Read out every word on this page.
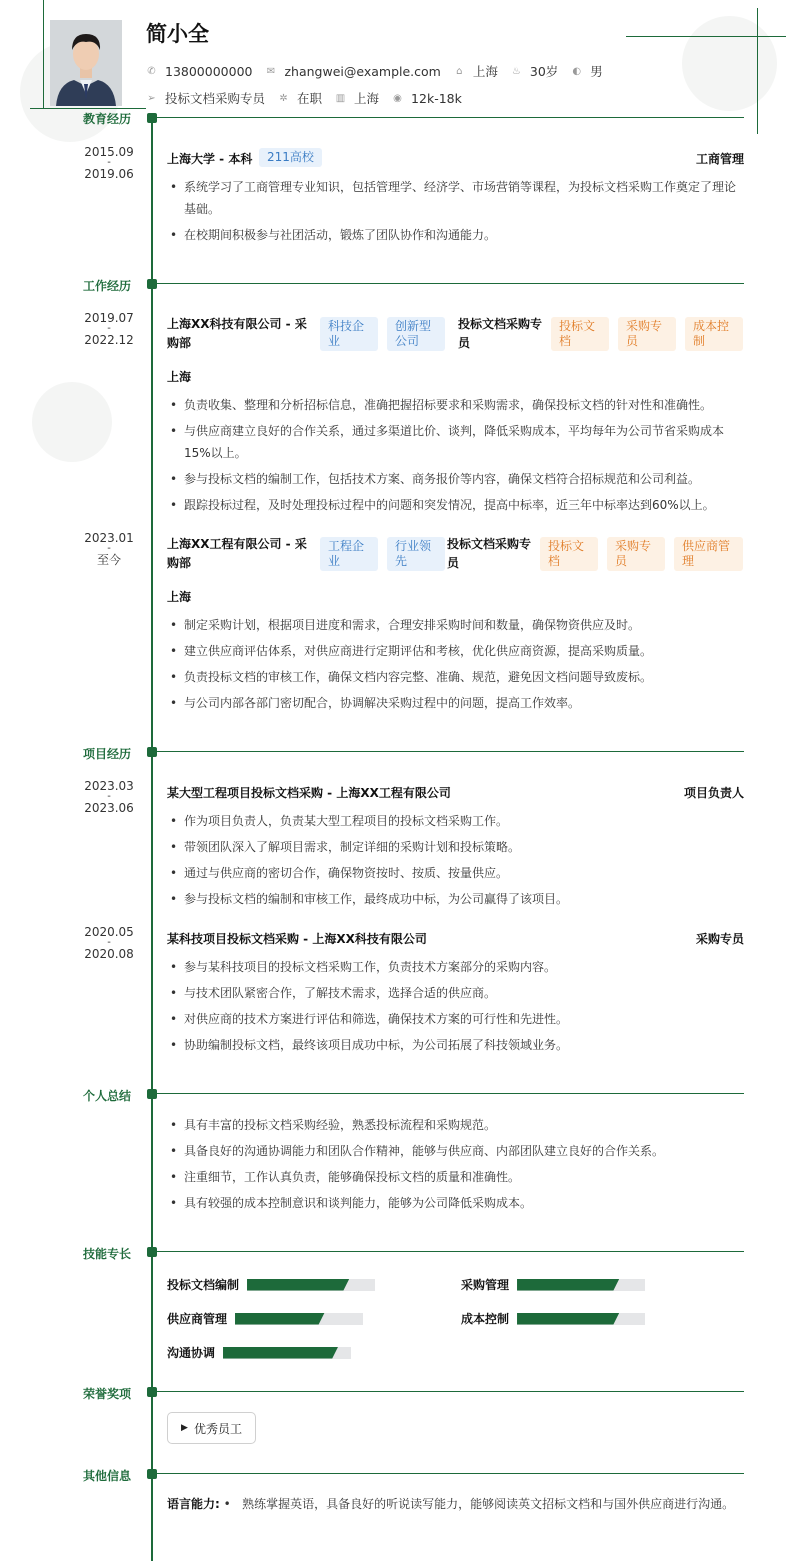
简小全
✆ 13800000000 ✉ zhangwei@example.com ⌂ 上海 ♨ 30岁 ◐ 男
➢ 投标文档采购专员 ✲ 在职 ▥ 上海 ◉ 12k-18k
教育经历
2015.09
-
2019.06
上海大学 - 本科	211高校	工商管理
• 系统学习了工商管理专业知识，包括管理学、经济学、市场营销等课程，为投标文档采购工作奠定了理论基础。
• 在校期间积极参与社团活动，锻炼了团队协作和沟通能力。
工作经历
2019.07
-
2022.12
上海XX科技有限公司 - 采购部
科技企业
创新型公司
投标文档采购专员
投标文档
采购专员
成本控制
上海
• 负责收集、整理和分析招标信息，准确把握招标要求和采购需求，确保投标文档的针对性和准确性。
• 与供应商建立良好的合作关系，通过多渠道比价、谈判，降低采购成本，平均每年为公司节省采购成本15%以上。
• 参与投标文档的编制工作，包括技术方案、商务报价等内容，确保文档符合招标规范和公司利益。
• 跟踪投标过程，及时处理投标过程中的问题和突发情况，提高中标率，近三年中标率达到60%以上。
2023.01
-
至今
上海XX工程有限公司 - 采购部
工程企业
行业领先
投标文档采购专员
投标文档
采购专员
供应商管理
上海
• 制定采购计划，根据项目进度和需求，合理安排采购时间和数量，确保物资供应及时。
• 建立供应商评估体系，对供应商进行定期评估和考核，优化供应商资源，提高采购质量。
• 负责投标文档的审核工作，确保文档内容完整、准确、规范，避免因文档问题导致废标。
• 与公司内部各部门密切配合，协调解决采购过程中的问题，提高工作效率。
项目经历
2023.03
-
2023.06
某大型工程项目投标文档采购 - 上海XX工程有限公司	项目负责人
• 作为项目负责人，负责某大型工程项目的投标文档采购工作。
• 带领团队深入了解项目需求，制定详细的采购计划和投标策略。
• 通过与供应商的密切合作，确保物资按时、按质、按量供应。
• 参与投标文档的编制和审核工作，最终成功中标，为公司赢得了该项目。
2020.05
-
2020.08
某科技项目投标文档采购 - 上海XX科技有限公司	采购专员
• 参与某科技项目的投标文档采购工作，负责技术方案部分的采购内容。
• 与技术团队紧密合作，了解技术需求，选择合适的供应商。
• 对供应商的技术方案进行评估和筛选，确保技术方案的可行性和先进性。
• 协助编制投标文档，最终该项目成功中标，为公司拓展了科技领域业务。
个人总结
• 具有丰富的投标文档采购经验，熟悉投标流程和采购规范。
• 具备良好的沟通协调能力和团队合作精神，能够与供应商、内部团队建立良好的合作关系。
• 注重细节，工作认真负责，能够确保投标文档的质量和准确性。
• 具有较强的成本控制意识和谈判能力，能够为公司降低采购成本。
技能专长
投标文档编制	采购管理
供应商管理	成本控制
沟通协调
荣誉奖项
▶ 优秀员工
其他信息
语言能力: • 熟练掌握英语，具备良好的听说读写能力，能够阅读英文招标文档和与国外供应商进行沟通。
